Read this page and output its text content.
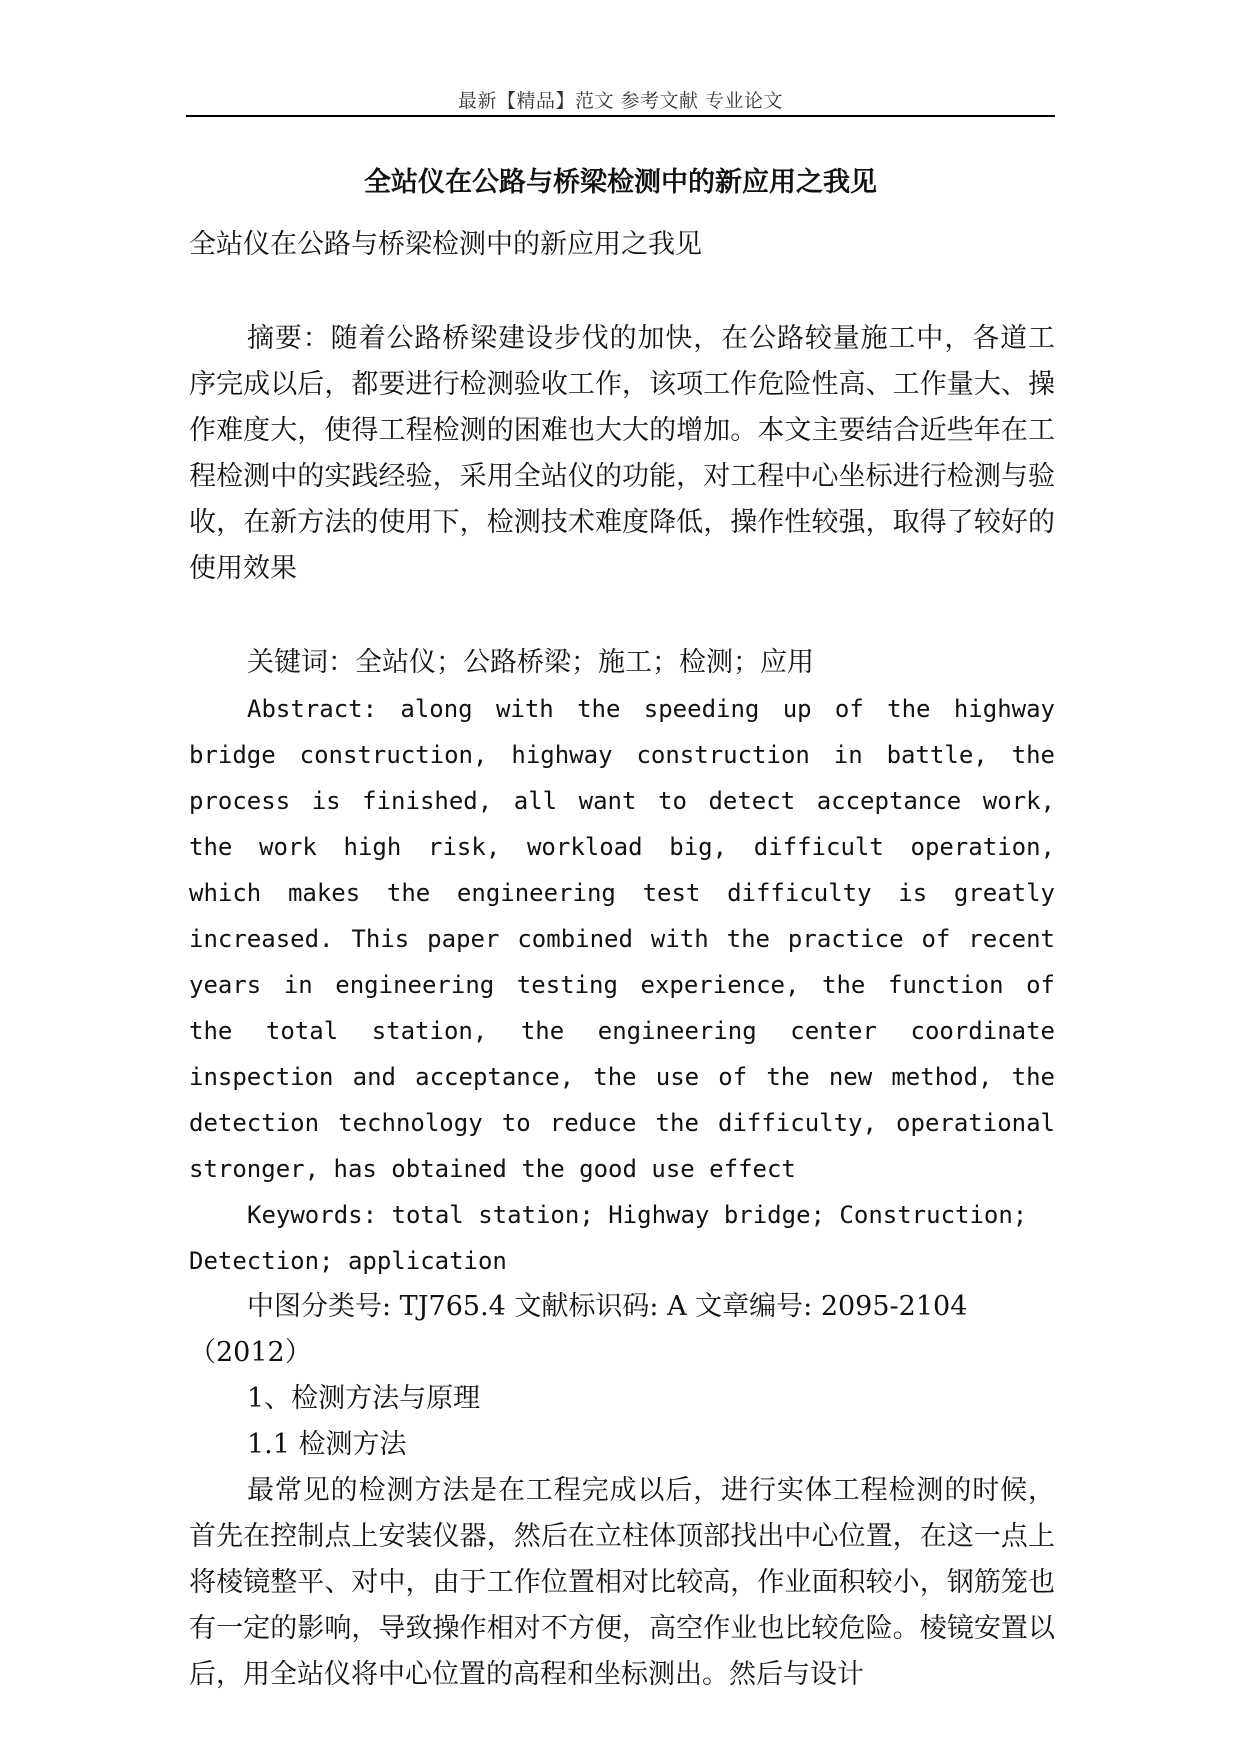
最新【精品】范文 参考文献 专业论文
全站仪在公路与桥梁检测中的新应用之我见

全站仪在公路与桥梁检测中的新应用之我见

摘要：随着公路桥梁建设步伐的加快，在公路较量施工中，各道工序完成以后，都要进行检测验收工作，该项工作危险性高、工作量大、操作难度大，使得工程检测的困难也大大的增加。本文主要结合近些年在工程检测中的实践经验，采用全站仪的功能，对工程中心坐标进行检测与验收，在新方法的使用下，检测技术难度降低，操作性较强，取得了较好的使用效果

关键词：全站仪；公路桥梁；施工；检测；应用

Abstract: along with the speeding up of the highway bridge construction, highway construction in battle, the process is finished, all want to detect acceptance work, the work high risk, workload big, difficult operation, which makes the engineering test difficulty is greatly increased. This paper combined with the practice of recent years in engineering testing experience, the function of the total station, the engineering center coordinate inspection and acceptance, the use of the new method, the detection technology to reduce the difficulty, operational stronger, has obtained the good use effect

Keywords: total station; Highway bridge; Construction; Detection; application

中图分类号: TJ765.4 文献标识码: A 文章编号: 2095-2104（2012）

1、检测方法与原理

1.1 检测方法

最常见的检测方法是在工程完成以后，进行实体工程检测的时候，首先在控制点上安装仪器，然后在立柱体顶部找出中心位置，在这一点上将棱镜整平、对中，由于工作位置相对比较高，作业面积较小，钢筋笼也有一定的影响，导致操作相对不方便，高空作业也比较危险。棱镜安置以后，用全站仪将中心位置的高程和坐标测出。然后与设计
